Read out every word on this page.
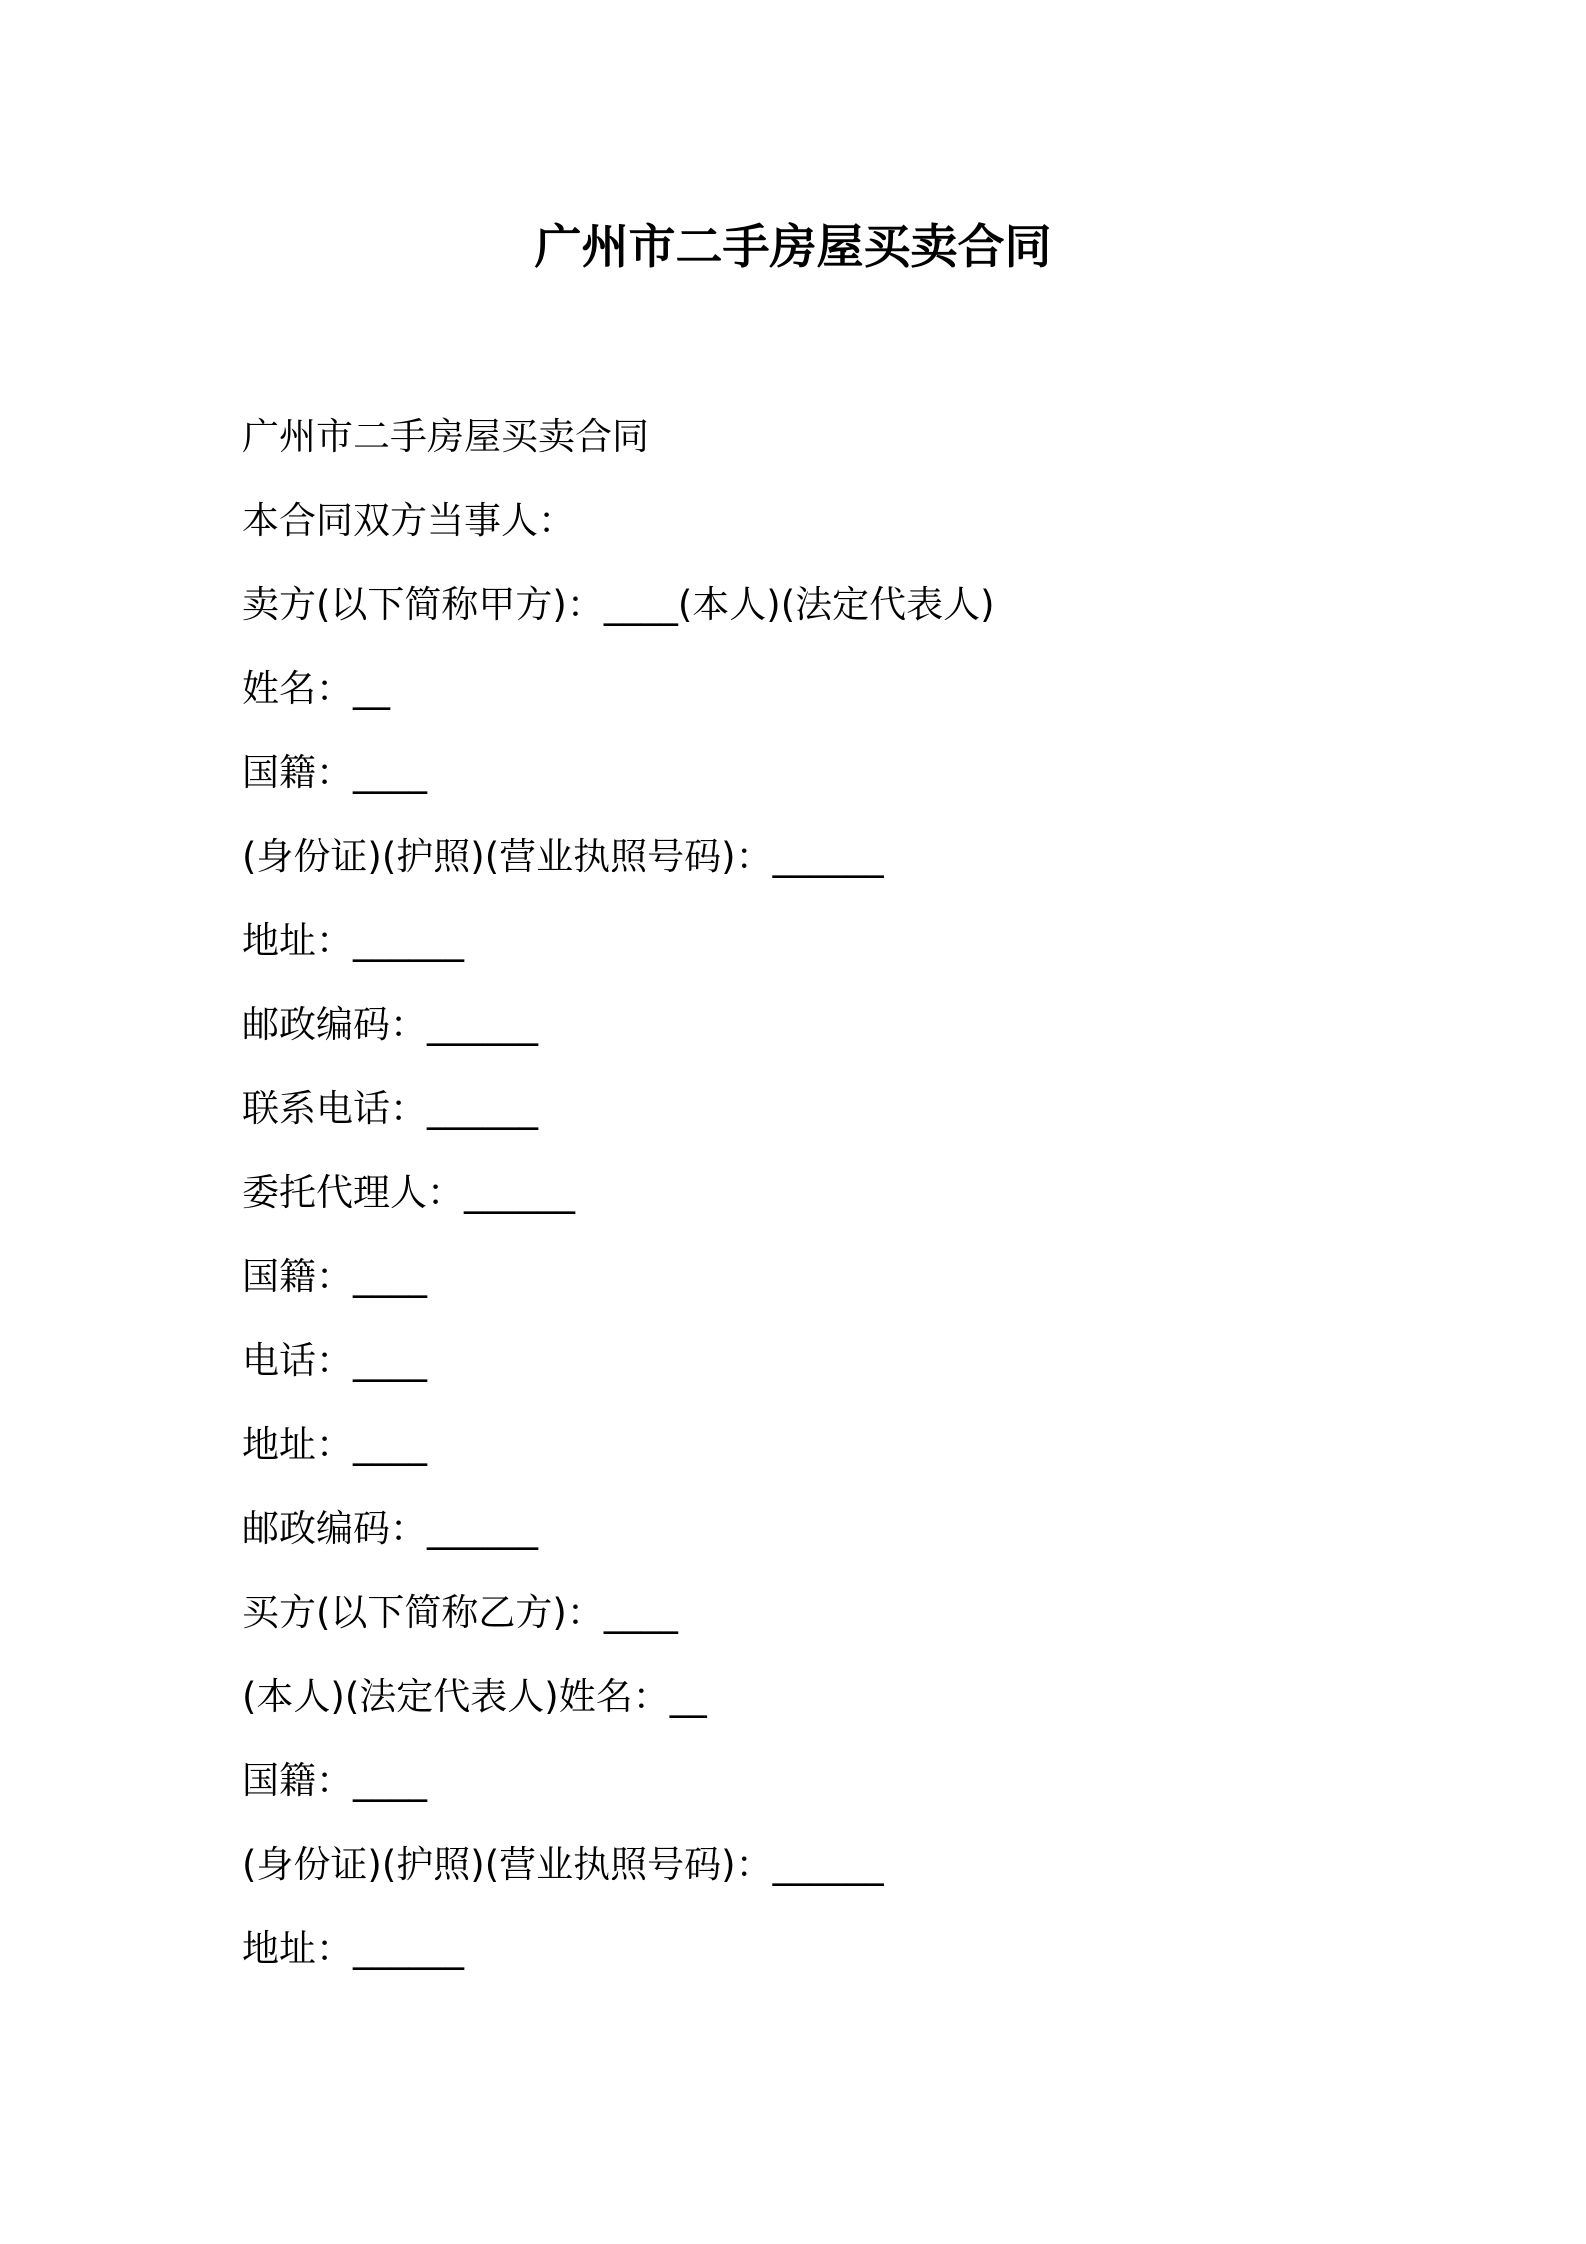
广州市二手房屋买卖合同
广州市二手房屋买卖合同
本合同双方当事人：
卖方(以下简称甲方)：____(本人)(法定代表人)
姓名：__
国籍：____
(身份证)(护照)(营业执照号码)：______
地址：______
邮政编码：______
联系电话：______
委托代理人：______
国籍：____
电话：____
地址：____
邮政编码：______
买方(以下简称乙方)：____
(本人)(法定代表人)姓名：__
国籍：____
(身份证)(护照)(营业执照号码)：______
地址：______
